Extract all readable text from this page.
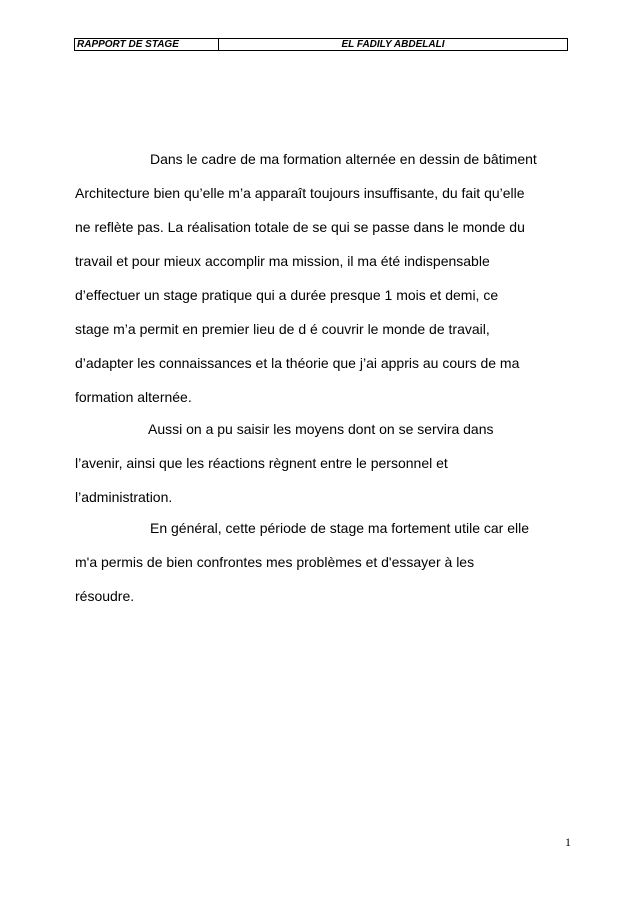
RAPPORT DE STAGE	EL FADILY ABDELALI
Dans le cadre de ma formation alternée en dessin de bâtiment
Architecture bien qu’elle m’a apparaît toujours insuffisante, du fait qu’elle
ne reflète pas. La réalisation totale de se qui se passe dans le monde du
travail et pour mieux accomplir ma mission, il ma été indispensable
d’effectuer un stage pratique qui a durée presque 1 mois et demi, ce
stage m’a permit en premier lieu de d é couvrir le monde de travail,
d’adapter les connaissances et la théorie que j’ai appris au cours de ma
formation alternée.
Aussi on a pu saisir les moyens dont on se servira dans
l’avenir, ainsi que les réactions règnent entre le personnel et
l’administration.
En général, cette période de stage ma fortement utile car elle
m'a permis de bien confrontes mes problèmes et d'essayer à les
résoudre.
1
